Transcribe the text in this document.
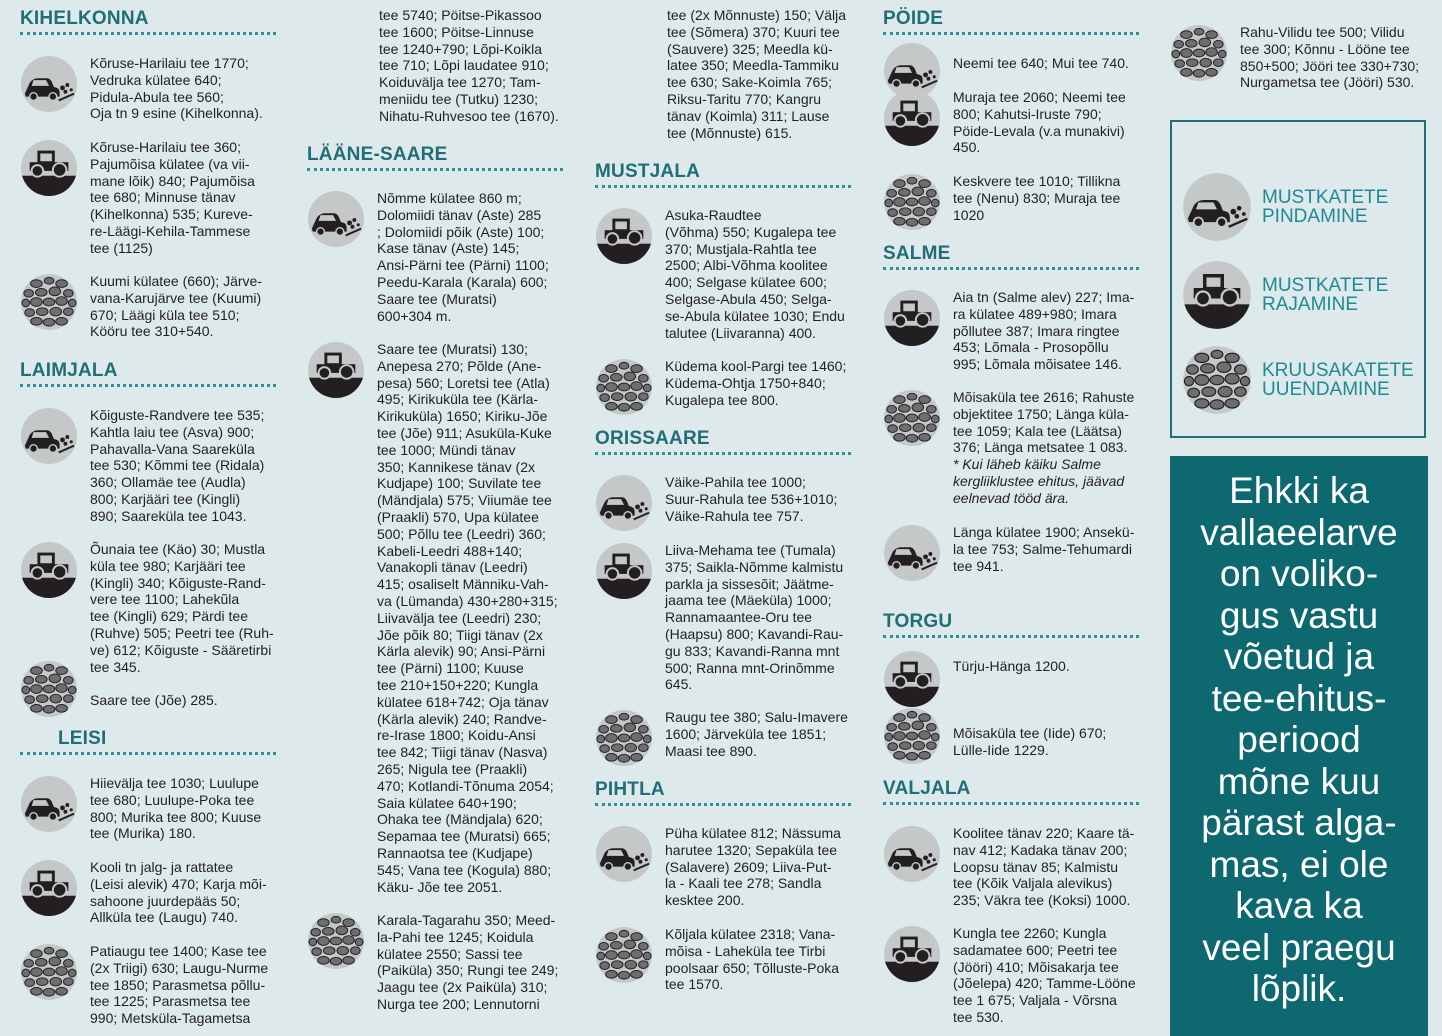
KIHELKONNA
Kõruse-Harilaiu tee 1770;
Vedruka külatee 640;
Pidula-Abula tee 560;
Oja tn 9 esine (Kihelkonna).
Kõruse-Harilaiu tee 360;
Pajumõisa külatee (va vii-
mane lõik) 840; Pajumõisa
tee 680; Minnuse tänav
(Kihelkonna) 535; Kureve-
re-Läägi-Kehila-Tammese
tee (1125)
Kuumi külatee (660); Järve-
vana-Karujärve tee (Kuumi)
670; Läägi küla tee 510;
Kööru tee 310+540.
LAIMJALA
Kõiguste-Randvere tee 535;
Kahtla laiu tee (Asva) 900;
Pahavalla-Vana Saareküla
tee 530; Kõmmi tee (Ridala)
360; Ollamäe tee (Audla)
800; Karjääri tee (Kingli)
890; Saareküla tee 1043.
Õunaia tee (Käo) 30; Mustla
küla tee 980; Karjääri tee
(Kingli) 340; Kõiguste-Rand-
vere tee 1100; Lahekũla
tee (Kingli) 629; Pärdi tee
(Ruhve) 505; Peetri tee (Ruh-
ve) 612; Kõiguste - Sääretirbi
tee 345.
Saare tee (Jõe) 285.
LEISI
Hiievälja tee 1030; Luulupe
tee 680; Luulupe-Poka tee
800; Murika tee 800; Kuuse
tee (Murika) 180.
Kooli tn jalg- ja rattatee
(Leisi alevik) 470; Karja mõi-
sahoone juurdepääs 50;
Allküla tee (Laugu) 740.
Patiaugu tee 1400; Kase tee
(2x Triigi) 630; Laugu-Nurme
tee 1850; Parasmetsa põllu-
tee 1225; Parasmetsa tee
990; Metsküla-Tagametsa
tee 5740; Pöitse-Pikassoo
tee 1600; Pöitse-Linnuse
tee 1240+790; Lõpi-Koikla
tee 710; Lõpi laudatee 910;
Koiduvälja tee 1270; Tam-
meniidu tee (Tutku) 1230;
Nihatu-Ruhvesoo tee (1670).
LÄÄNE-SAARE
Nõmme külatee 860 m;
Dolomiidi tänav (Aste) 285
; Dolomiidi põik (Aste) 100;
Kase tänav (Aste) 145;
Ansi-Pärni tee (Pärni) 1100;
Peedu-Karala (Karala) 600;
Saare tee (Muratsi)
600+304 m.
Saare tee (Muratsi) 130;
Anepesa 270; Põlde (Ane-
pesa) 560; Loretsi tee (Atla)
495; Kirikuküla tee (Kärla-
Kirikuküla) 1650; Kiriku-Jõe
tee (Jõe) 911; Asuküla-Kuke
tee 1000; Mündi tänav
350; Kannikese tänav (2x
Kudjape) 100; Suvilate tee
(Mändjala) 575; Viiumäe tee
(Praakli) 570, Upa külatee
500; Põllu tee (Leedri) 360;
Kabeli-Leedri 488+140;
Vanakopli tänav (Leedri)
415; osaliselt Männiku-Vah-
va (Lümanda) 430+280+315;
Liivavälja tee (Leedri) 230;
Jõe põik 80; Tiigi tänav (2x
Kärla alevik) 90; Ansi-Pärni
tee (Pärni) 1100; Kuuse
tee 210+150+220; Kungla
külatee 618+742; Oja tänav
(Kärla alevik) 240; Randve-
re-Irase 1800; Koidu-Ansi
tee 842; Tiigi tänav (Nasva)
265; Nigula tee (Praakli)
470; Kotlandi-Tõnuma 2054;
Saia külatee 640+190;
Ohaka tee (Mändjala) 620;
Sepamaa tee (Muratsi) 665;
Rannaotsa tee (Kudjape)
545; Vana tee (Kogula) 880;
Käku- Jõe tee 2051.
Karala-Tagarahu 350; Meed-
la-Pahi tee 1245; Koidula
külatee 2550; Sassi tee
(Paiküla) 350; Rungi tee 249;
Jaagu tee (2x Paiküla) 310;
Nurga tee 200; Lennutorni
tee (2x Mõnnuste) 150; Välja
tee (Sõmera) 370; Kuuri tee
(Sauvere) 325; Meedla kü-
latee 350; Meedla-Tammiku
tee 630; Sake-Koimla 765;
Riksu-Taritu 770; Kangru
tänav (Koimla) 311; Lause
tee (Mõnnuste) 615.
MUSTJALA
Asuka-Raudtee
(Võhma) 550; Kugalepa tee
370; Mustjala-Rahtla tee
2500; Albi-Võhma koolitee
400; Selgase külatee 600;
Selgase-Abula 450; Selga-
se-Abula külatee 1030; Endu
talutee (Liivaranna) 400.
Küdema kool-Pargi tee 1460;
Küdema-Ohtja 1750+840;
Kugalepa tee 800.
ORISSAARE
Väike-Pahila tee 1000;
Suur-Rahula tee 536+1010;
Väike-Rahula tee 757.
Liiva-Mehama tee (Tumala)
375; Saikla-Nõmme kalmistu
parkla ja sissesõit; Jäätme-
jaama tee (Mäeküla) 1000;
Rannamaantee-Oru tee
(Haapsu) 800; Kavandi-Rau-
gu 833; Kavandi-Ranna mnt
500; Ranna mnt-Orinõmme
645.
Raugu tee 380; Salu-Imavere
1600; Järveküla tee 1851;
Maasi tee 890.
PIHTLA
Püha külatee 812; Nässuma
harutee 1320; Sepaküla tee
(Salavere) 2609; Liiva-Put-
la - Kaali tee 278; Sandla
kesktee 200.
Kõljala külatee 2318; Vana-
mõisa - Laheküla tee Tirbi
poolsaar 650; Tõlluste-Poka
tee 1570.
PÖIDE
Neemi tee 640; Mui tee 740.
Muraja tee 2060; Neemi tee
800; Kahutsi-Iruste 790;
Pöide-Levala (v.a munakivi)
450.
Keskvere tee 1010; Tillikna
tee (Nenu) 830; Muraja tee
1020
SALME
Aia tn (Salme alev) 227; Ima-
ra külatee 489+980; Imara
põllutee 387; Imara ringtee
453; Lõmala - Prosopõllu
995; Lõmala mõisatee 146.
Mõisaküla tee 2616; Rahuste
objektitee 1750; Länga küla-
tee 1059; Kala tee (Läätsa)
376; Länga metsatee 1 083.
* Kui läheb käiku Salme
kergliiklustee ehitus, jäävad
eelnevad tööd ära.
Länga külatee 1900; Ansekü-
la tee 753; Salme-Tehumardi
tee 941.
TORGU
Türju-Hänga 1200.
Mõisaküla tee (Iide) 670;
Lülle-Iide 1229.
VALJALA
Koolitee tänav 220; Kaare tä-
nav 412; Kadaka tänav 200;
Loopsu tänav 85; Kalmistu
tee (Kõik Valjala alevikus)
235; Väkra tee (Koksi) 1000.
Kungla tee 2260; Kungla
sadamatee 600; Peetri tee
(Jööri) 410; Mõisakarja tee
(Jõelepa) 420; Tamme-Lööne
tee 1 675; Valjala - Võrsna
tee 530.
Rahu-Vilidu tee 500; Vilidu
tee 300; Kõnnu - Lööne tee
850+500; Jööri tee 330+730;
Nurgametsa tee (Jööri) 530.
MUSTKATETE
PINDAMINE
MUSTKATETE
RAJAMINE
KRUUSAKATETE
UUENDAMINE
Ehkki ka
vallaeelarve
on voliko-
gus vastu
võetud ja
tee-ehitus-
periood
mõne kuu
pärast alga-
mas, ei ole
kava ka
veel praegu
lõplik.
